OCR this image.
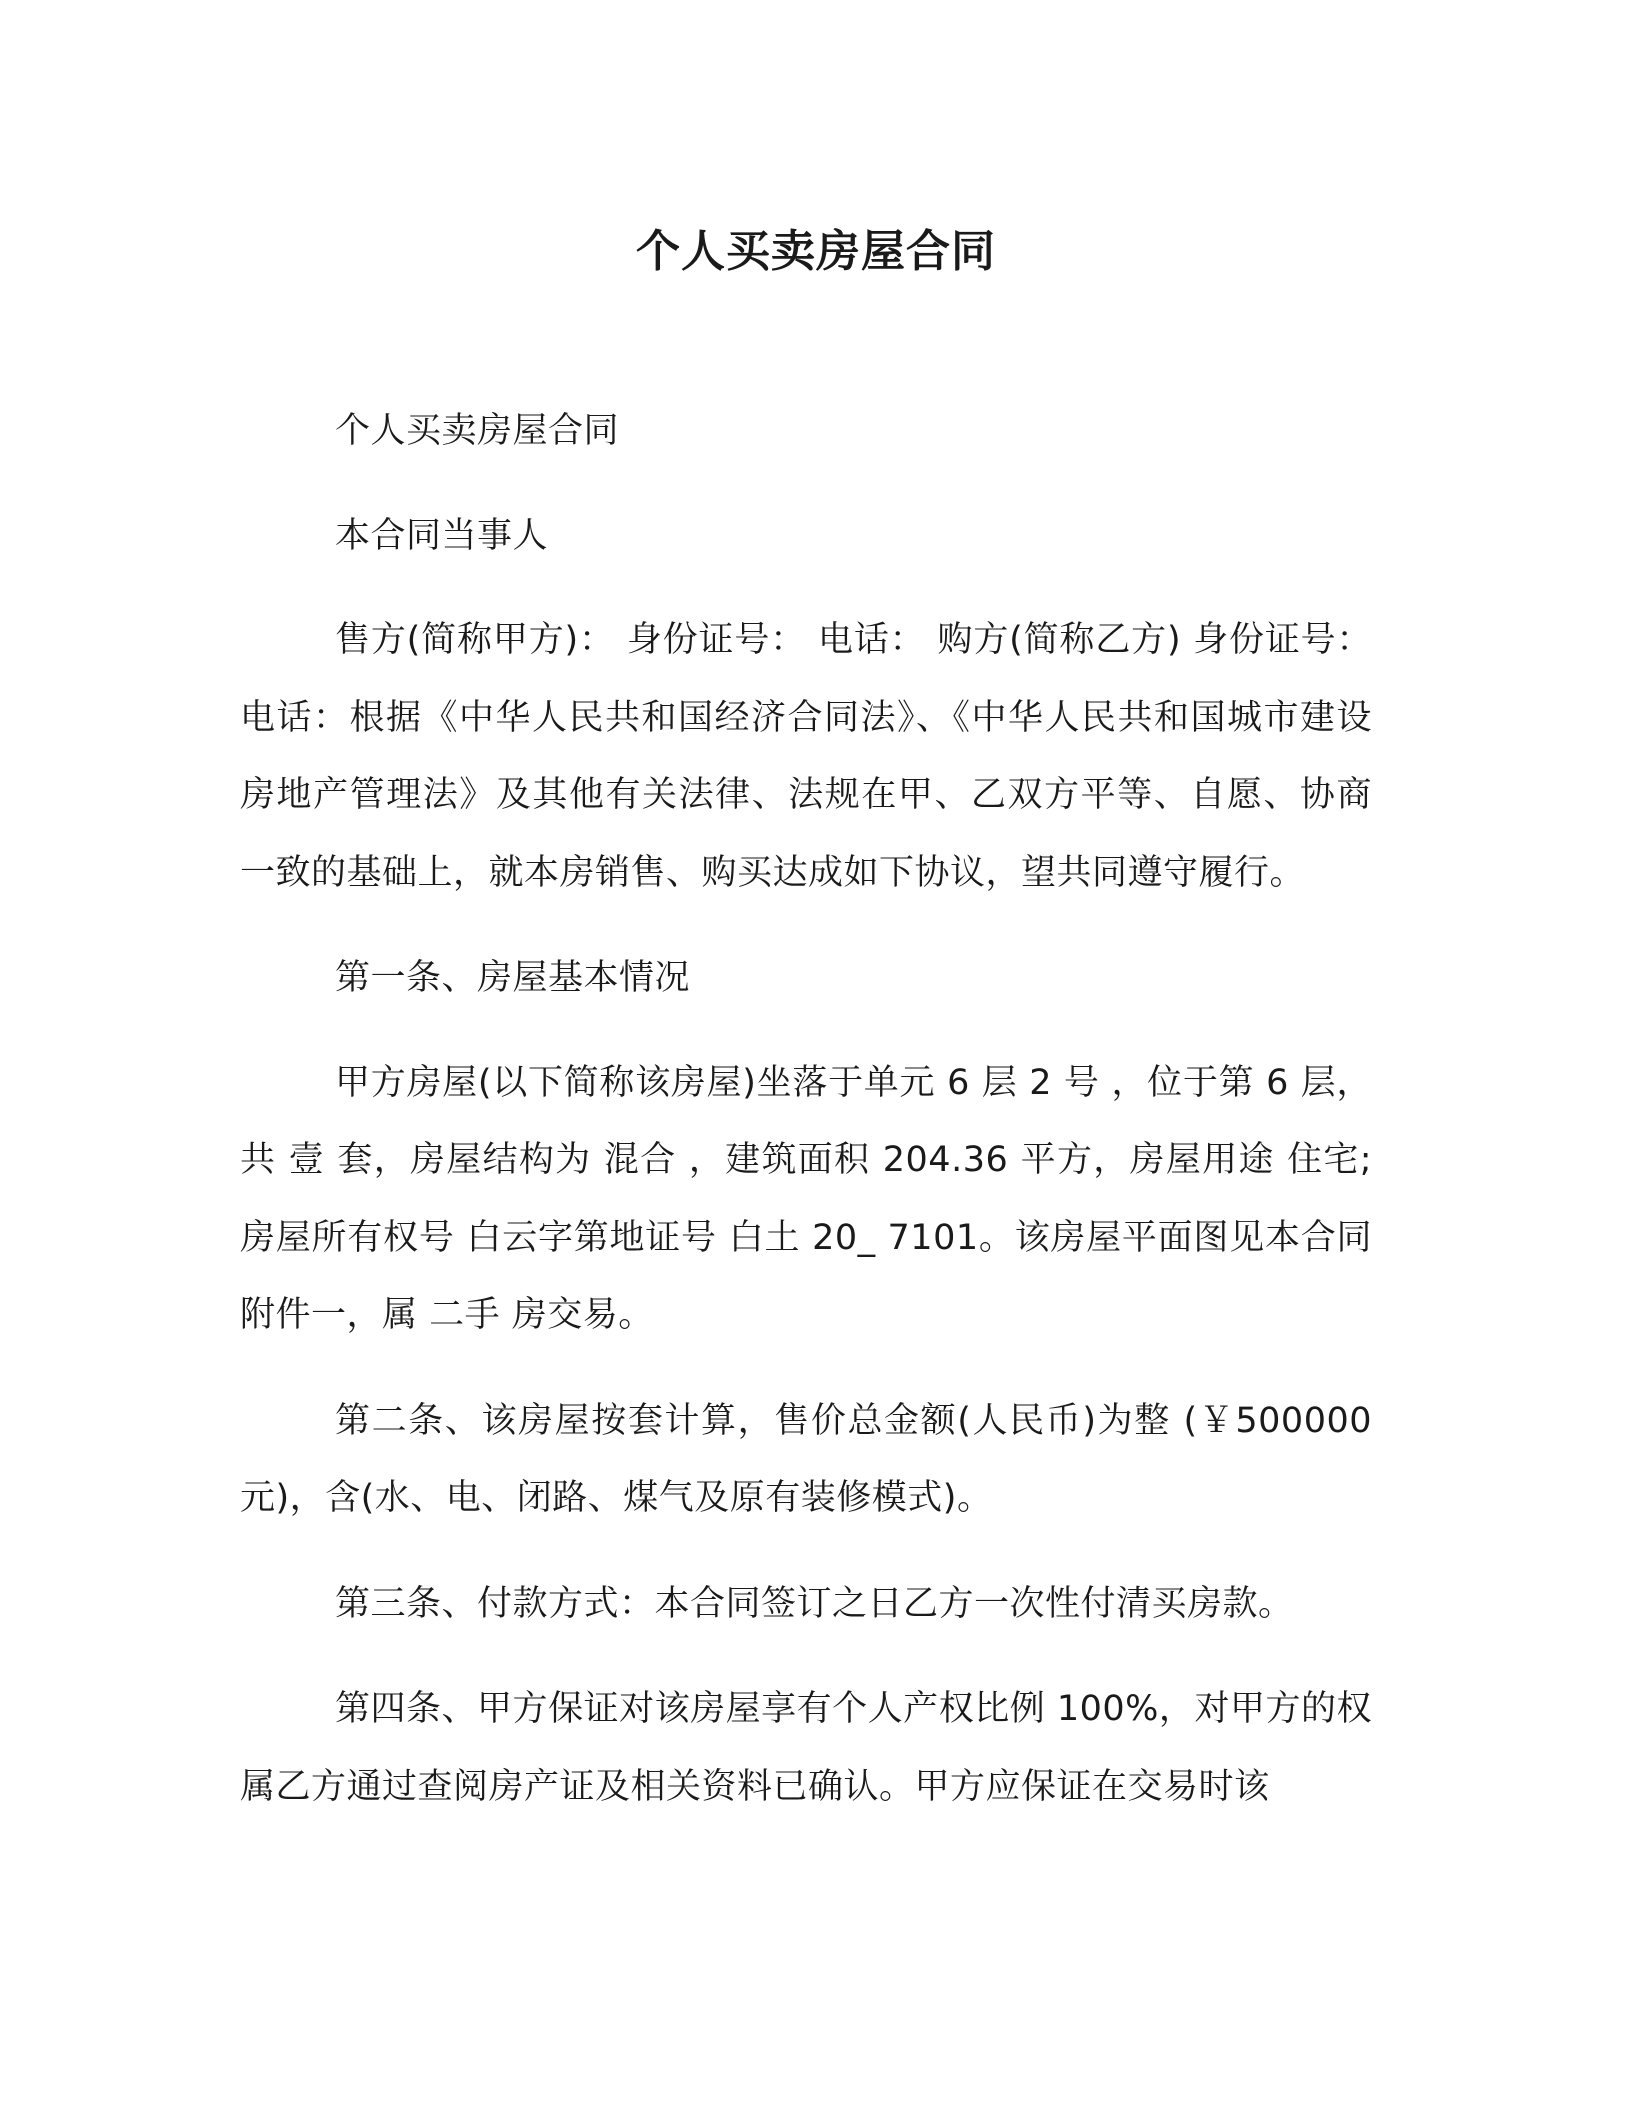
个人买卖房屋合同

个人买卖房屋合同

本合同当事人

售方(简称甲方)： 身份证号： 电话： 购方(简称乙方) 身份证号：电话：根据《中华人民共和国经济合同法》、《中华人民共和国城市建设房地产管理法》及其他有关法律、法规在甲、乙双方平等、自愿、协商一致的基础上，就本房销售、购买达成如下协议，望共同遵守履行。

第一条、房屋基本情况

甲方房屋(以下简称该房屋)坐落于单元 6 层 2 号 ，位于第 6 层，共 壹 套，房屋结构为 混合 ，建筑面积 204.36 平方，房屋用途 住宅;房屋所有权号 白云字第地证号 白土 20_ 7101。该房屋平面图见本合同附件一，属 二手 房交易。

第二条、该房屋按套计算，售价总金额(人民币)为整 (￥500000元)，含(水、电、闭路、煤气及原有装修模式)。

第三条、付款方式：本合同签订之日乙方一次性付清买房款。

第四条、甲方保证对该房屋享有个人产权比例 100%，对甲方的权属乙方通过查阅房产证及相关资料已确认。甲方应保证在交易时该
